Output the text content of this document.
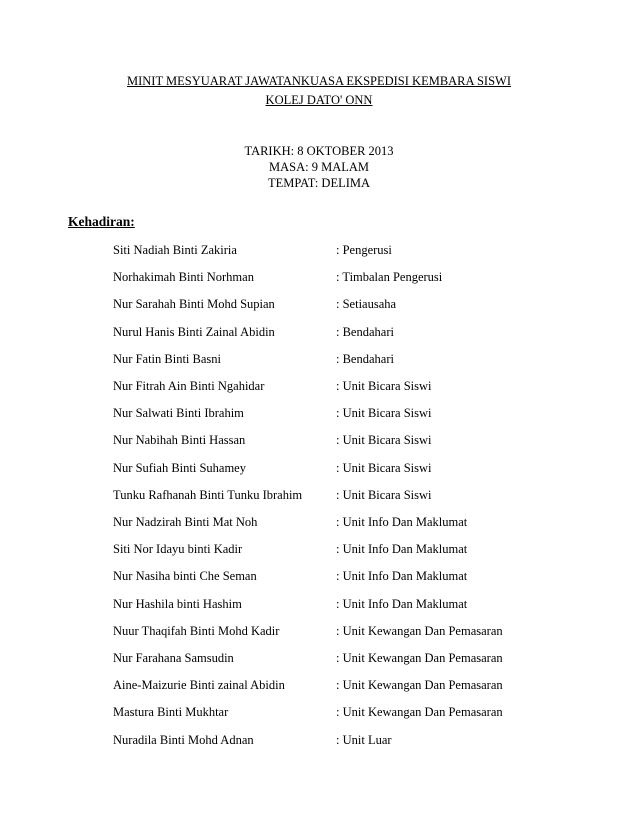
MINIT MESYUARAT JAWATANKUASA EKSPEDISI KEMBARA SISWI
KOLEJ DATO' ONN
TARIKH: 8 OKTOBER 2013
MASA: 9 MALAM
TEMPAT: DELIMA
Kehadiran:
Siti Nadiah Binti Zakiria	: Pengerusi
Norhakimah Binti Norhman	: Timbalan Pengerusi
Nur Sarahah Binti Mohd Supian	: Setiausaha
Nurul Hanis Binti Zainal Abidin	: Bendahari
Nur Fatin Binti Basni	: Bendahari
Nur Fitrah Ain Binti Ngahidar	: Unit Bicara Siswi
Nur Salwati Binti Ibrahim	: Unit Bicara Siswi
Nur Nabihah Binti Hassan	: Unit Bicara Siswi
Nur Sufiah Binti Suhamey	: Unit Bicara Siswi
Tunku Rafhanah Binti Tunku Ibrahim	: Unit Bicara Siswi
Nur Nadzirah Binti Mat Noh	: Unit Info Dan Maklumat
Siti Nor Idayu binti Kadir	: Unit Info Dan Maklumat
Nur Nasiha binti Che Seman	: Unit Info Dan Maklumat
Nur Hashila binti Hashim	: Unit Info Dan Maklumat
Nuur Thaqifah Binti Mohd Kadir	: Unit Kewangan Dan Pemasaran
Nur Farahana Samsudin	: Unit Kewangan Dan Pemasaran
Aine-Maizurie Binti zainal Abidin	: Unit Kewangan Dan Pemasaran
Mastura Binti Mukhtar	: Unit Kewangan Dan Pemasaran
Nuradila Binti Mohd Adnan	: Unit Luar
